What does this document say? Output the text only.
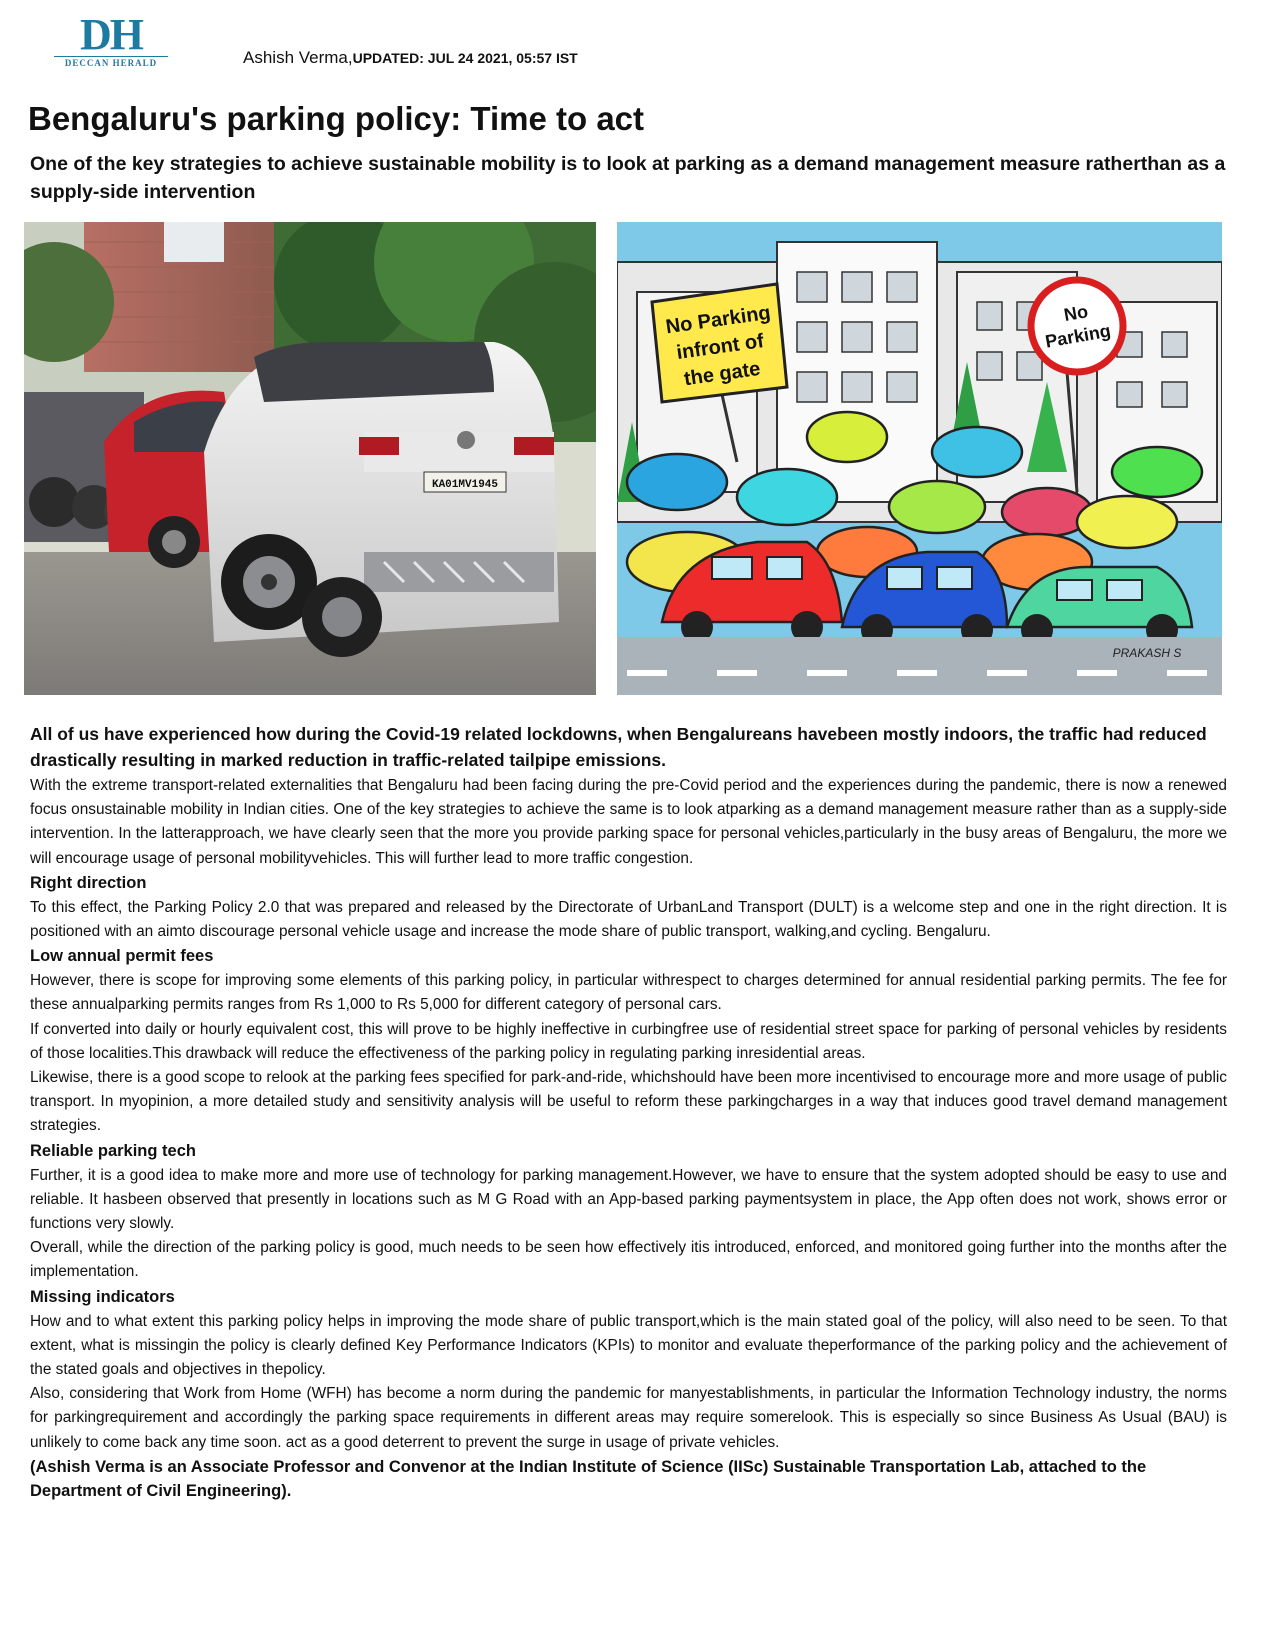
DH
DECCAN HERALD	Ashish Verma,UPDATED: JUL 24 2021, 05:57 IST
Bengaluru's parking policy: Time to act
One of the key strategies to achieve sustainable mobility is to look at parking as a demand management measure ratherthan as a supply-side intervention
KA01MV1945
No Parking
infront of
the gate
No
Parking
PRAKASH S

All of us have experienced how during the Covid-19 related lockdowns, when Bengalureans havebeen mostly indoors, the traffic had reduced drastically resulting in marked reduction in traffic-related tailpipe emissions.

With the extreme transport-related externalities that Bengaluru had been facing during the pre-Covid period and the experiences during the pandemic, there is now a renewed focus onsustainable mobility in Indian cities. One of the key strategies to achieve the same is to look atparking as a demand management measure rather than as a supply-side intervention. In the latterapproach, we have clearly seen that the more you provide parking space for personal vehicles,particularly in the busy areas of Bengaluru, the more we will encourage usage of personal mobilityvehicles. This will further lead to more traffic congestion.

Right direction

To this effect, the Parking Policy 2.0 that was prepared and released by the Directorate of UrbanLand Transport (DULT) is a welcome step and one in the right direction. It is positioned with an aimto discourage personal vehicle usage and increase the mode share of public transport, walking,and cycling. Bengaluru.

Low annual permit fees

However, there is scope for improving some elements of this parking policy, in particular withrespect to charges determined for annual residential parking permits. The fee for these annualparking permits ranges from Rs 1,000 to Rs 5,000 for different category of personal cars.

If converted into daily or hourly equivalent cost, this will prove to be highly ineffective in curbingfree use of residential street space for parking of personal vehicles by residents of those localities.This drawback will reduce the effectiveness of the parking policy in regulating parking inresidential areas.

Likewise, there is a good scope to relook at the parking fees specified for park-and-ride, whichshould have been more incentivised to encourage more and more usage of public transport. In myopinion, a more detailed study and sensitivity analysis will be useful to reform these parkingcharges in a way that induces good travel demand management strategies.

Reliable parking tech

Further, it is a good idea to make more and more use of technology for parking management.However, we have to ensure that the system adopted should be easy to use and reliable. It hasbeen observed that presently in locations such as M G Road with an App-based parking paymentsystem in place, the App often does not work, shows error or functions very slowly.

Overall, while the direction of the parking policy is good, much needs to be seen how effectively itis introduced, enforced, and monitored going further into the months after the implementation.

Missing indicators

How and to what extent this parking policy helps in improving the mode share of public transport,which is the main stated goal of the policy, will also need to be seen. To that extent, what is missingin the policy is clearly defined Key Performance Indicators (KPIs) to monitor and evaluate theperformance of the parking policy and the achievement of the stated goals and objectives in thepolicy.

Also, considering that Work from Home (WFH) has become a norm during the pandemic for manyestablishments, in particular the Information Technology industry, the norms for parkingrequirement and accordingly the parking space requirements in different areas may require somerelook. This is especially so since Business As Usual (BAU) is unlikely to come back any time soon. act as a good deterrent to prevent the surge in usage of private vehicles.

(Ashish Verma is an Associate Professor and Convenor at the Indian Institute of Science (IISc) Sustainable Transportation Lab, attached to the Department of Civil Engineering).
